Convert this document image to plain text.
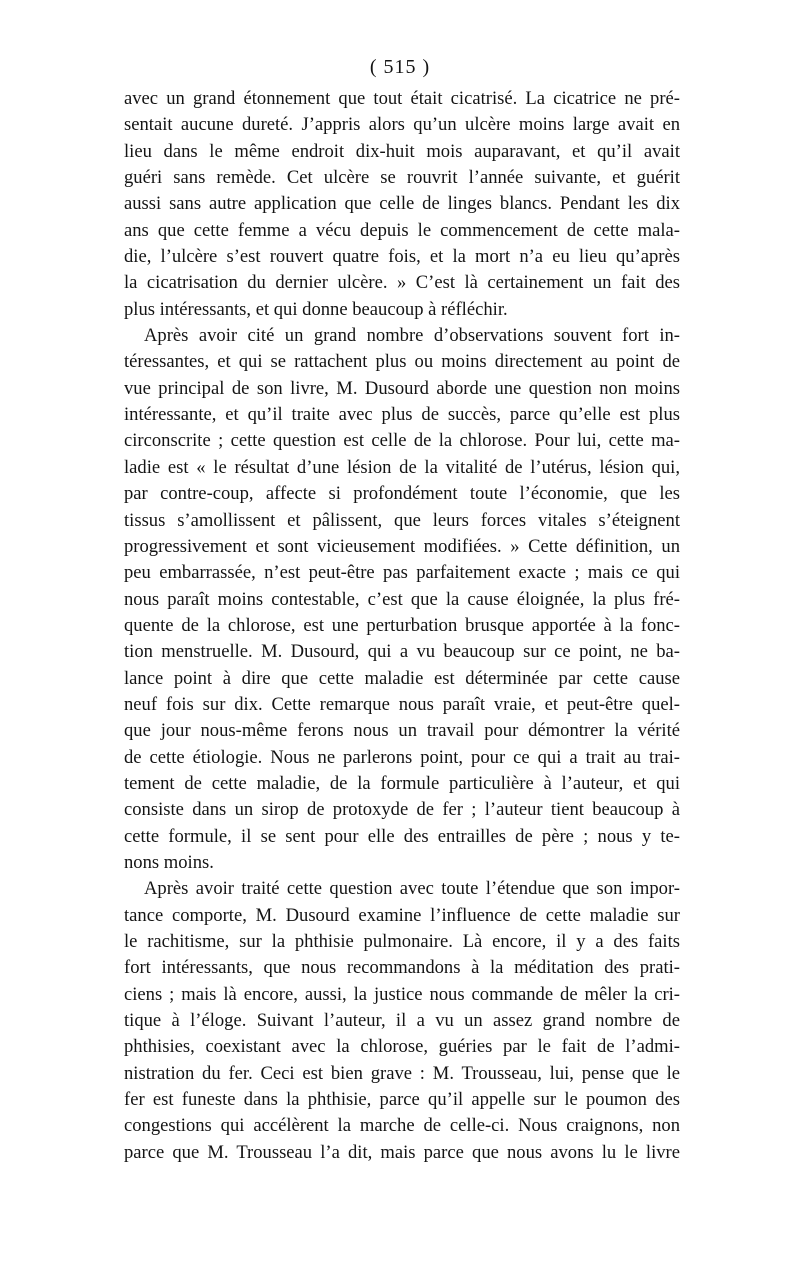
( 515 )
avec un grand étonnement que tout était cicatrisé. La cicatrice ne pré-
sentait aucune dureté. J’appris alors qu’un ulcère moins large avait en
lieu dans le même endroit dix-huit mois auparavant, et qu’il avait
guéri sans remède. Cet ulcère se rouvrit l’année suivante, et guérit
aussi sans autre application que celle de linges blancs. Pendant les dix
ans que cette femme a vécu depuis le commencement de cette mala-
die, l’ulcère s’est rouvert quatre fois, et la mort n’a eu lieu qu’après
la cicatrisation du dernier ulcère. » C’est là certainement un fait des
plus intéressants, et qui donne beaucoup à réfléchir.
Après avoir cité un grand nombre d’observations souvent fort in-
téressantes, et qui se rattachent plus ou moins directement au point de
vue principal de son livre, M. Dusourd aborde une question non moins
intéressante, et qu’il traite avec plus de succès, parce qu’elle est plus
circonscrite ; cette question est celle de la chlorose. Pour lui, cette ma-
ladie est « le résultat d’une lésion de la vitalité de l’utérus, lésion qui,
par contre-coup, affecte si profondément toute l’économie, que les
tissus s’amollissent et pâlissent, que leurs forces vitales s’éteignent
progressivement et sont vicieusement modifiées. » Cette définition, un
peu embarrassée, n’est peut-être pas parfaitement exacte ; mais ce qui
nous paraît moins contestable, c’est que la cause éloignée, la plus fré-
quente de la chlorose, est une perturbation brusque apportée à la fonc-
tion menstruelle. M. Dusourd, qui a vu beaucoup sur ce point, ne ba-
lance point à dire que cette maladie est déterminée par cette cause
neuf fois sur dix. Cette remarque nous paraît vraie, et peut-être quel-
que jour nous-même ferons nous un travail pour démontrer la vérité
de cette étiologie. Nous ne parlerons point, pour ce qui a trait au trai-
tement de cette maladie, de la formule particulière à l’auteur, et qui
consiste dans un sirop de protoxyde de fer ; l’auteur tient beaucoup à
cette formule, il se sent pour elle des entrailles de père ; nous y te-
nons moins.
Après avoir traité cette question avec toute l’étendue que son impor-
tance comporte, M. Dusourd examine l’influence de cette maladie sur
le rachitisme, sur la phthisie pulmonaire. Là encore, il y a des faits
fort intéressants, que nous recommandons à la méditation des prati-
ciens ; mais là encore, aussi, la justice nous commande de mêler la cri-
tique à l’éloge. Suivant l’auteur, il a vu un assez grand nombre de
phthisies, coexistant avec la chlorose, guéries par le fait de l’admi-
nistration du fer. Ceci est bien grave : M. Trousseau, lui, pense que le
fer est funeste dans la phthisie, parce qu’il appelle sur le poumon des
congestions qui accélèrent la marche de celle-ci. Nous craignons, non
parce que M. Trousseau l’a dit, mais parce que nous avons lu le livre
